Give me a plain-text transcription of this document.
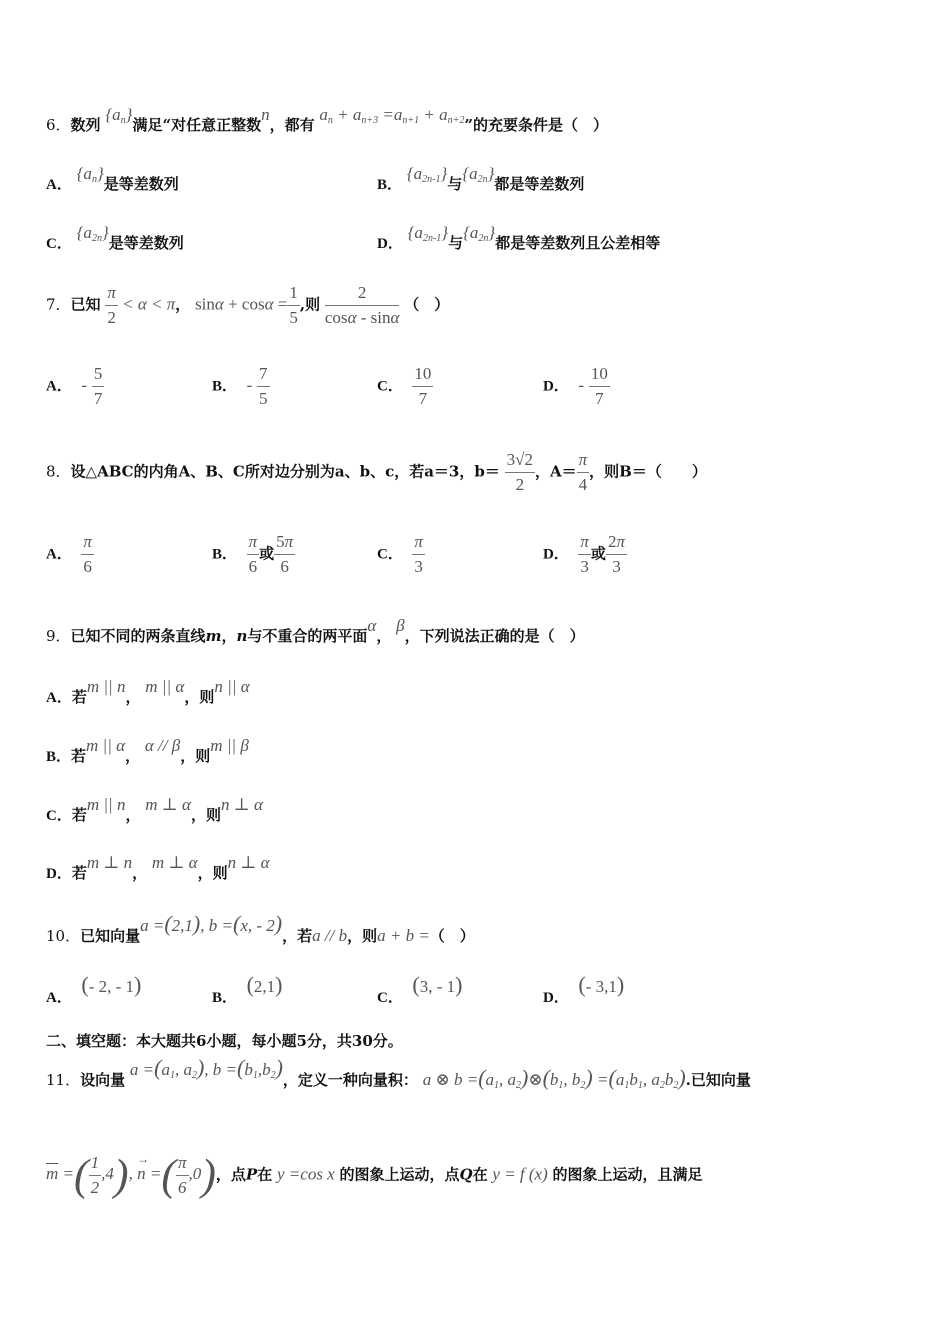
6．数列 $\{a_n\}$满足“对任意正整数n，都有 $a_n + a_{n+3} =a_{n+1} + a_{n+2}$”的充要条件是（　）
A． $\{a_n\}$是等差数列	B． $\{a_{2n-1}\}$与$\{a_{2n}\}$都是等差数列
C． $\{a_{2n}\}$是等差数列	D． $\{a_{2n-1}\}$与$\{a_{2n}\}$都是等差数列且公差相等
7．已知 $\frac{\pi}{2} < \alpha < \pi$， $\sin\alpha + \cos\alpha = \frac{1}{5}$ ,则 $\frac{2}{\cos\alpha - \sin\alpha}$ （　）
A． - $\frac{5}{7}$	B． - $\frac{7}{5}$	C． $\frac{10}{7}$	D． - $\frac{10}{7}$
8．设△ABC的内角A、B、C所对边分别为a、b、c，若a＝3，$b= \frac{3√2}{2}$ ，$A= \frac{\pi}{4}$ ，则B＝（　　）
A． $\frac{\pi}{6}$	B． $\frac{\pi}{6}$ 或 $\frac{5\pi}{6}$	C． $\frac{\pi}{3}$	D． $\frac{\pi}{3}$ 或 $\frac{2\pi}{3}$
9．已知不同的两条直线m，n与不重合的两平面α， β，下列说法正确的是（　）
A．若m || n， m || α，则n || α
B．若m || α， α // β，则m || β
C．若m || n， m ⊥ α，则n ⊥ α
D．若m ⊥ n， m ⊥ α，则n ⊥ α
10．已知向量a =(2,1), b =(x, - 2)，若a // b，则a + b =（　）
A．  (- 2, - 1)
B．  (2,1)
C．  (3, - 1)
D．  (- 3,1)
二、填空题：本大题共6小题，每小题5分，共30分。
11．设向量 $a =(a_1$, $a_2$), $b =(b_1,b_2)$，定义一种向量积： a ⊗ $b =(a_1$, $a_2)\otimes(b_1$, $b_2) =(a_1b_1$, $a_2b_2$).已知向量
$\overline{m}$ =( $\frac{1}{2} ,4$),
→
n =( $\frac{\pi}{6} ,0$)，点P在 y =cos x 的图象上运动，点Q在 y = f (x) 的图象上运动，且满足
